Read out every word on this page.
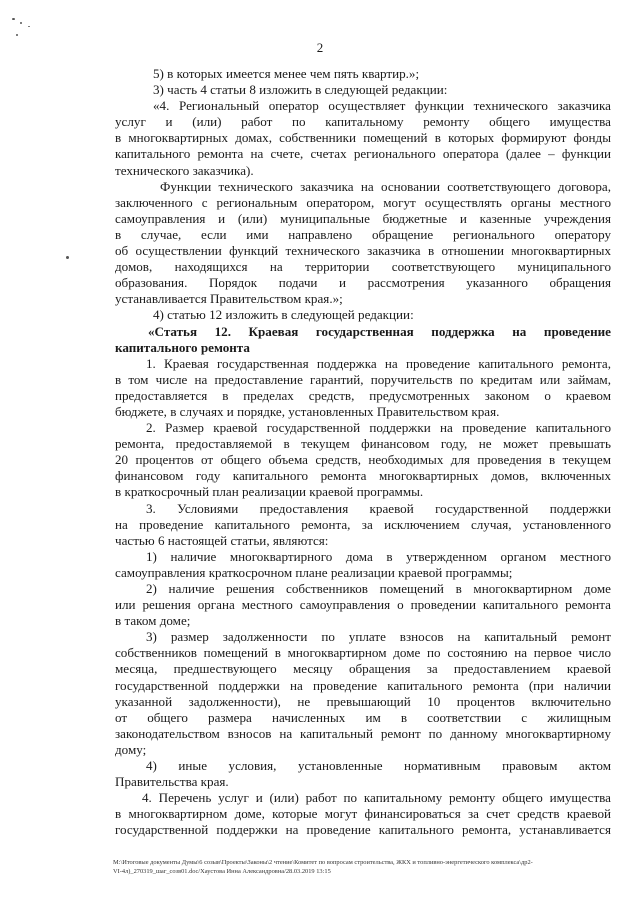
2
5) в которых имеется менее чем пять квартир.»;
3) часть 4 статьи 8 изложить в следующей редакции:
«4. Региональный оператор осуществляет функции технического заказчика
услуг и (или) работ по капитальному ремонту общего имущества
в многоквартирных домах, собственники помещений в которых формируют фонды
капитального ремонта на счете, счетах регионального оператора (далее – функции
технического заказчика).
Функции технического заказчика на основании соответствующего договора,
заключенного с региональным оператором, могут осуществлять органы местного
самоуправления и (или) муниципальные бюджетные и казенные учреждения
в случае, если ими направлено обращение регионального оператору
об осуществлении функций технического заказчика в отношении многоквартирных
домов, находящихся на территории соответствующего муниципального
образования. Порядок подачи и рассмотрения указанного обращения
устанавливается Правительством края.»;
4) статью 12 изложить в следующей редакции:
«Статья 12. Краевая государственная поддержка на проведение
капитального ремонта
1. Краевая государственная поддержка на проведение капитального ремонта,
в том числе на предоставление гарантий, поручительств по кредитам или займам,
предоставляется в пределах средств, предусмотренных законом о краевом
бюджете, в случаях и порядке, установленных Правительством края.
2. Размер краевой государственной поддержки на проведение капитального
ремонта, предоставляемой в текущем финансовом году, не может превышать
20 процентов от общего объема средств, необходимых для проведения в текущем
финансовом году капитального ремонта многоквартирных домов, включенных
в краткосрочный план реализации краевой программы.
3. Условиями предоставления краевой государственной поддержки
на проведение капитального ремонта, за исключением случая, установленного
частью 6 настоящей статьи, являются:
1) наличие многоквартирного дома в утвержденном органом местного
самоуправления краткосрочном плане реализации краевой программы;
2) наличие решения собственников помещений в многоквартирном доме
или решения органа местного самоуправления о проведении капитального ремонта
в таком доме;
3) размер задолженности по уплате взносов на капитальный ремонт
собственников помещений в многоквартирном доме по состоянию на первое число
месяца, предшествующего месяцу обращения за предоставлением краевой
государственной поддержки на проведение капитального ремонта (при наличии
указанной задолженности), не превышающий 10 процентов включительно
от общего размера начисленных им в соответствии с жилищным
законодательством взносов на капитальный ремонт по данному многоквартирному
дому;
4) иные условия, установленные нормативным правовым актом
Правительства края.
4. Перечень услуг и (или) работ по капитальному ремонту общего имущества
в многоквартирном доме, которые могут финансироваться за счет средств краевой
государственной поддержки на проведение капитального ремонта, устанавливается
M:\Итоговые документы Думы\6 созыв\Проекты\Законы\2 чтение\Комитет по вопросам строительства, ЖКХ и топливно-энергетического комплекса\др2-
VI-4л)_270319_шаг_созв01.doc/Хаустова Инна Александровна/28.03.2019 13:15
